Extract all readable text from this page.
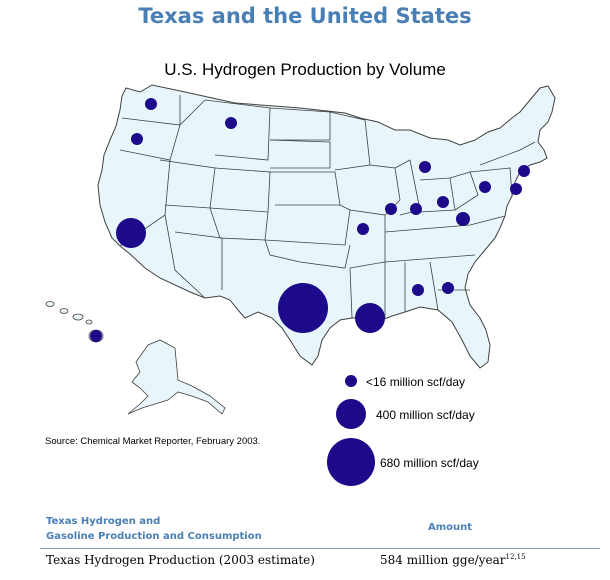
Texas and the United States
U.S. Hydrogen Production by Volume
<16 million scf/day
400 million scf/day
680 million scf/day
Source: Chemical Market Reporter, February 2003.
Texas Hydrogen and
Gasoline Production and Consumption
Amount
Texas Hydrogen Production (2003 estimate)	584 million gge/year$^{12,15}$
